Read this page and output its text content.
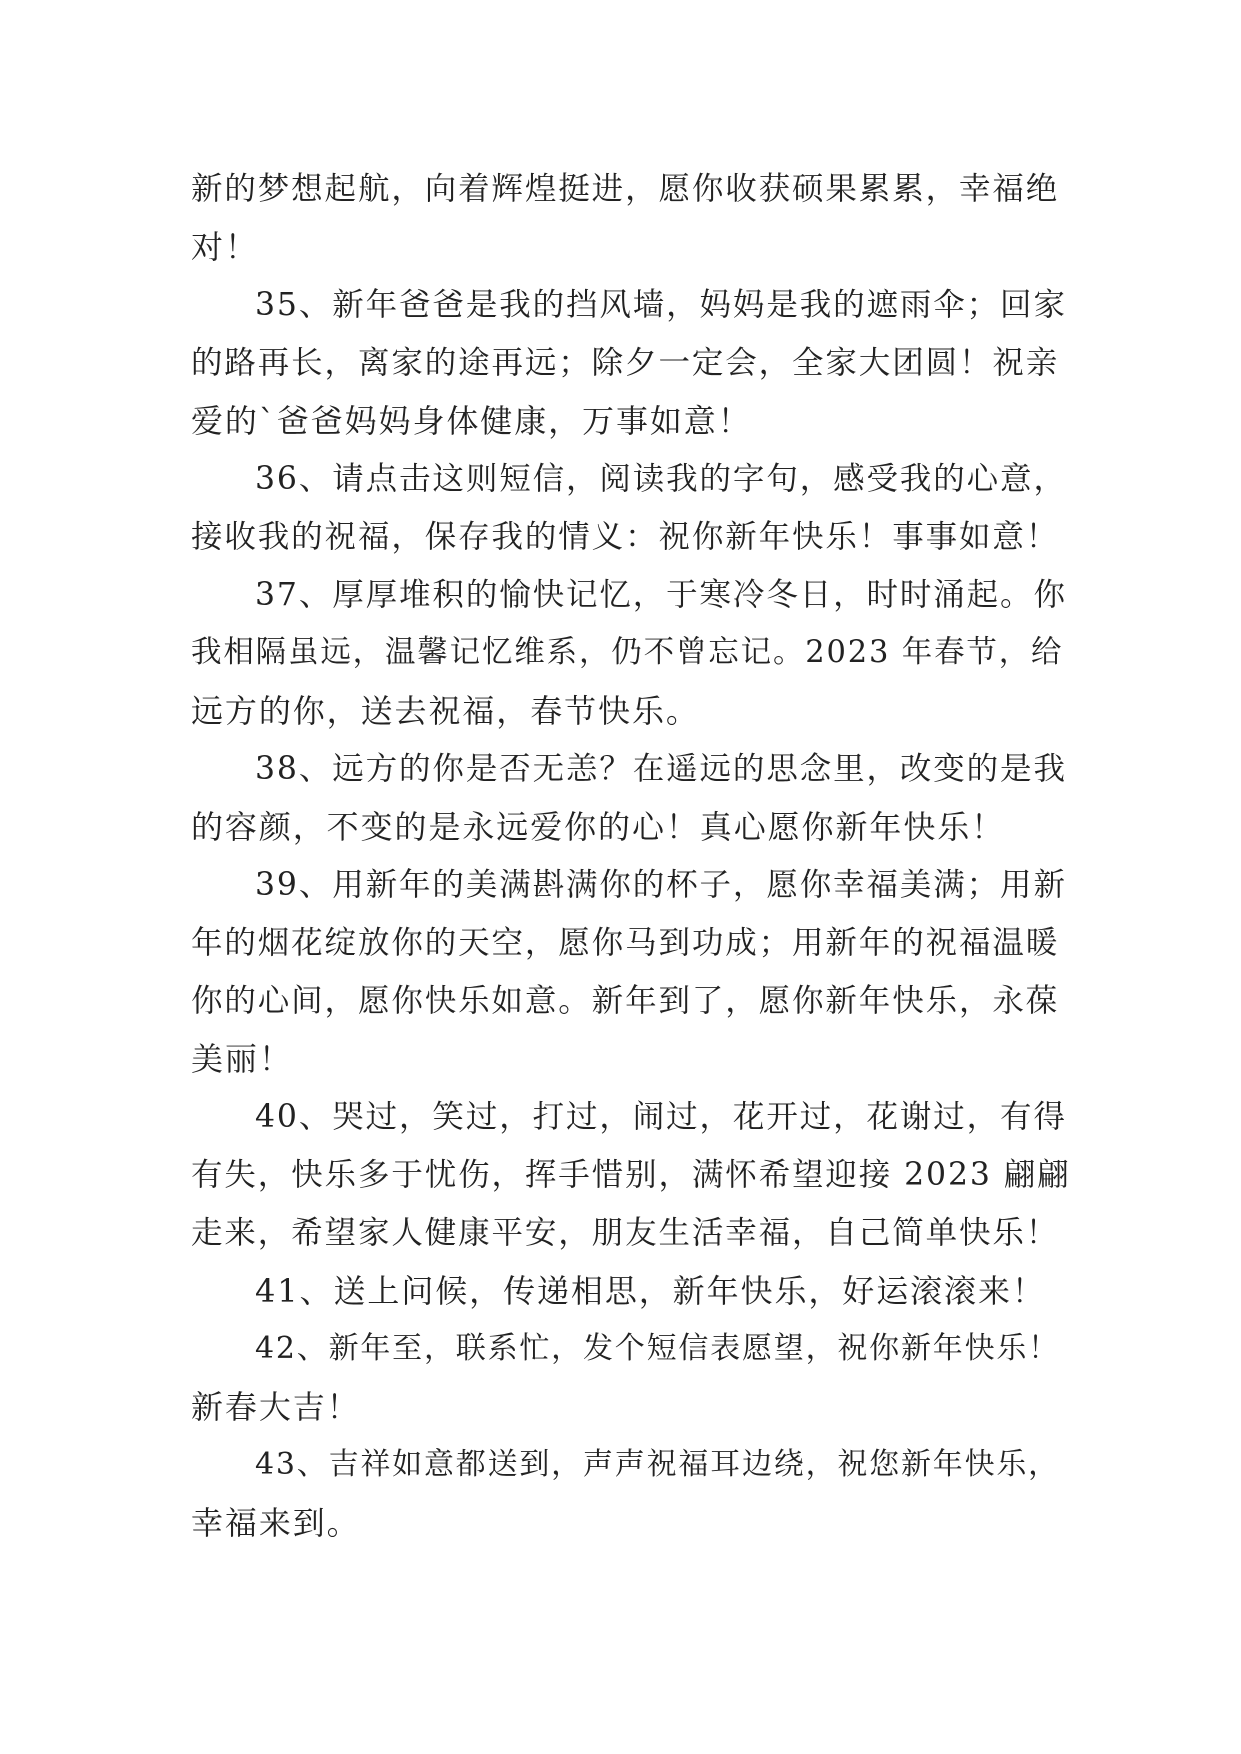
新的梦想起航，向着辉煌挺进，愿你收获硕果累累，幸福绝
对！
35、新年爸爸是我的挡风墙，妈妈是我的遮雨伞；回家
的路再长，离家的途再远；除夕一定会，全家大团圆！祝亲
爱的`爸爸妈妈身体健康，万事如意！
36、请点击这则短信，阅读我的字句，感受我的心意，
接收我的祝福，保存我的情义：祝你新年快乐！事事如意！
37、厚厚堆积的愉快记忆，于寒冷冬日，时时涌起。你
我相隔虽远，温馨记忆维系，仍不曾忘记。2023 年春节，给
远方的你，送去祝福，春节快乐。
38、远方的你是否无恙？在遥远的思念里，改变的是我
的容颜，不变的是永远爱你的心！真心愿你新年快乐！
39、用新年的美满斟满你的杯子，愿你幸福美满；用新
年的烟花绽放你的天空，愿你马到功成；用新年的祝福温暖
你的心间，愿你快乐如意。新年到了，愿你新年快乐，永葆
美丽！
40、哭过，笑过，打过，闹过，花开过，花谢过，有得
有失，快乐多于忧伤，挥手惜别，满怀希望迎接 2023 翩翩
走来，希望家人健康平安，朋友生活幸福，自己简单快乐！
41、送上问候，传递相思，新年快乐，好运滚滚来！
42、新年至，联系忙，发个短信表愿望，祝你新年快乐！
新春大吉！
43、吉祥如意都送到，声声祝福耳边绕，祝您新年快乐，
幸福来到。
